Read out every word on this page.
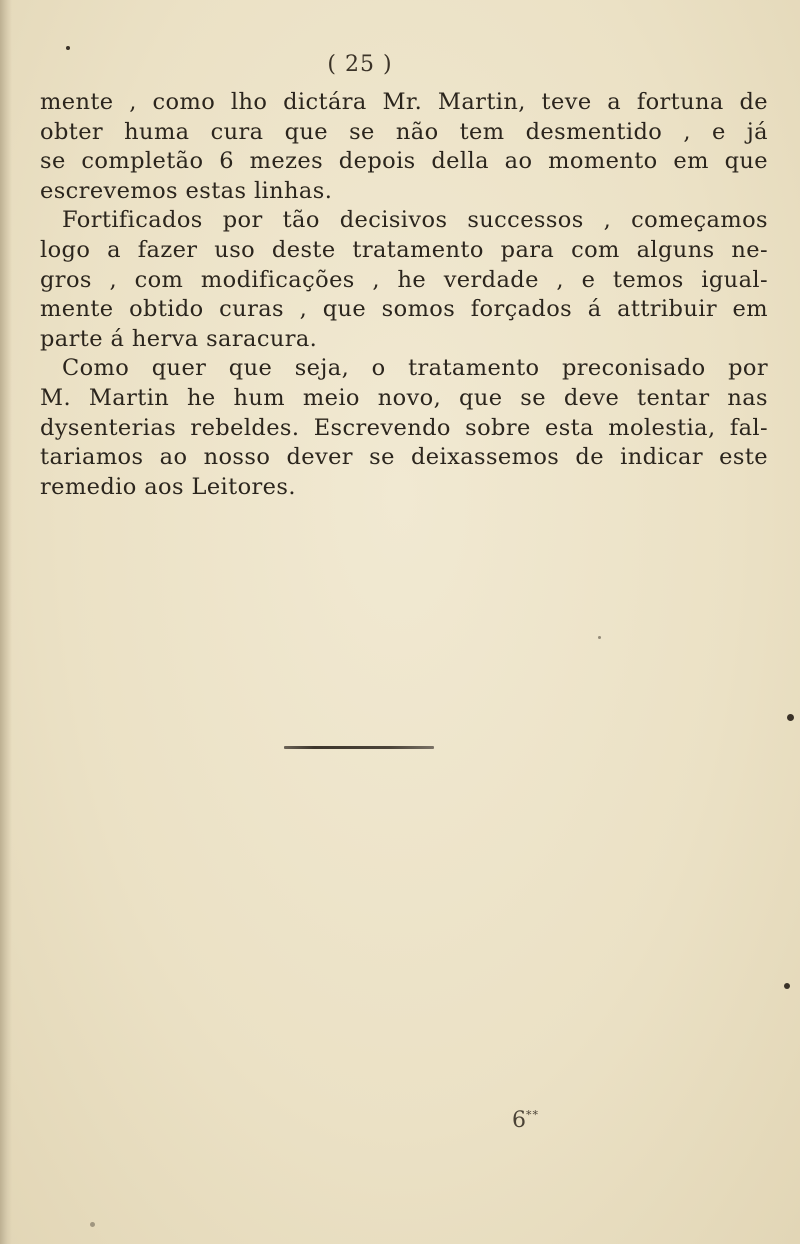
( 25 )
mente , como lho dictára Mr. Martin, teve a fortuna de
obter huma cura que se não tem desmentido , e já
se completão 6 mezes depois della ao momento em que
escrevemos estas linhas.
Fortificados por tão decisivos successos , começamos
logo a fazer uso deste tratamento para com alguns ne-
gros , com modificações , he verdade , e temos igual-
mente obtido curas , que somos forçados á attribuir em
parte á herva saracura.
Como quer que seja, o tratamento preconisado por
M. Martin he hum meio novo, que se deve tentar nas
dysenterias rebeldes. Escrevendo sobre esta molestia, fal-
tariamos ao nosso dever se deixassemos de indicar este
remedio aos Leitores.
6**
